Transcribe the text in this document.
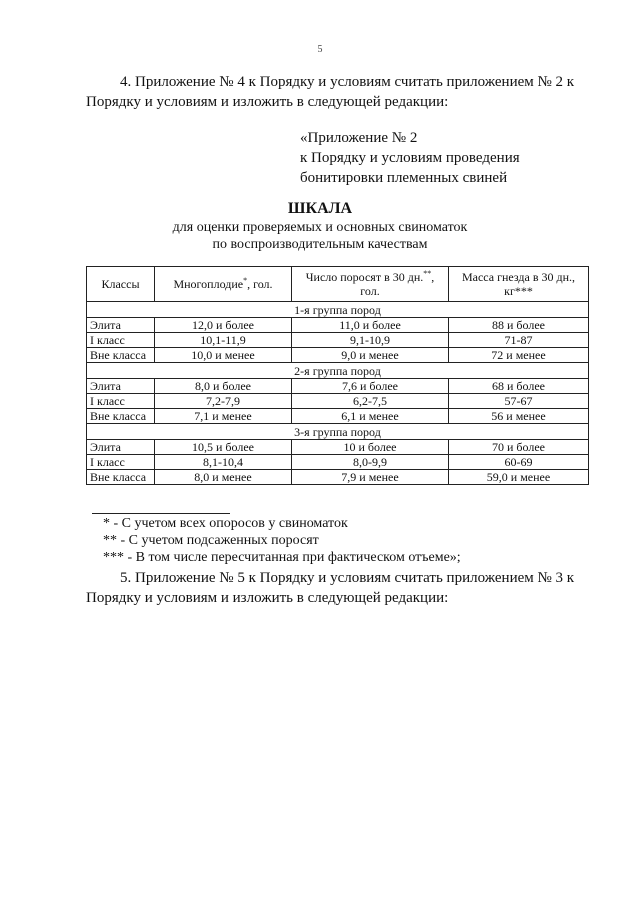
5
4. Приложение № 4 к Порядку и условиям считать приложением № 2 к
Порядку и условиям и изложить в следующей редакции:
«Приложение № 2
к Порядку и условиям проведения
бонитировки племенных свиней
ШКАЛА
для оценки проверяемых и основных свиноматок
по воспроизводительным качествам
Классы	Многоплодие*, гол.	Число поросят в 30 дн.**, гол.	Масса гнезда в 30 дн., кг***
1-я группа пород			
Элита	12,0 и более	11,0 и более	88 и более
I класс	10,1-11,9	9,1-10,9	71-87
Вне класса	10,0 и менее	9,0 и менее	72 и менее
2-я группа пород			
Элита	8,0 и более	7,6 и более	68 и более
I класс	7,2-7,9	6,2-7,5	57-67
Вне класса	7,1 и менее	6,1 и менее	56 и менее
3-я группа пород			
Элита	10,5 и более	10 и более	70 и более
I класс	8,1-10,4	8,0-9,9	60-69
Вне класса	8,0 и менее	7,9 и менее	59,0 и менее
* - С учетом всех опоросов у свиноматок
** - С учетом подсаженных поросят
*** - В том числе пересчитанная при фактическом отъеме»;
5. Приложение № 5 к Порядку и условиям считать приложением № 3 к
Порядку и условиям и изложить в следующей редакции:
